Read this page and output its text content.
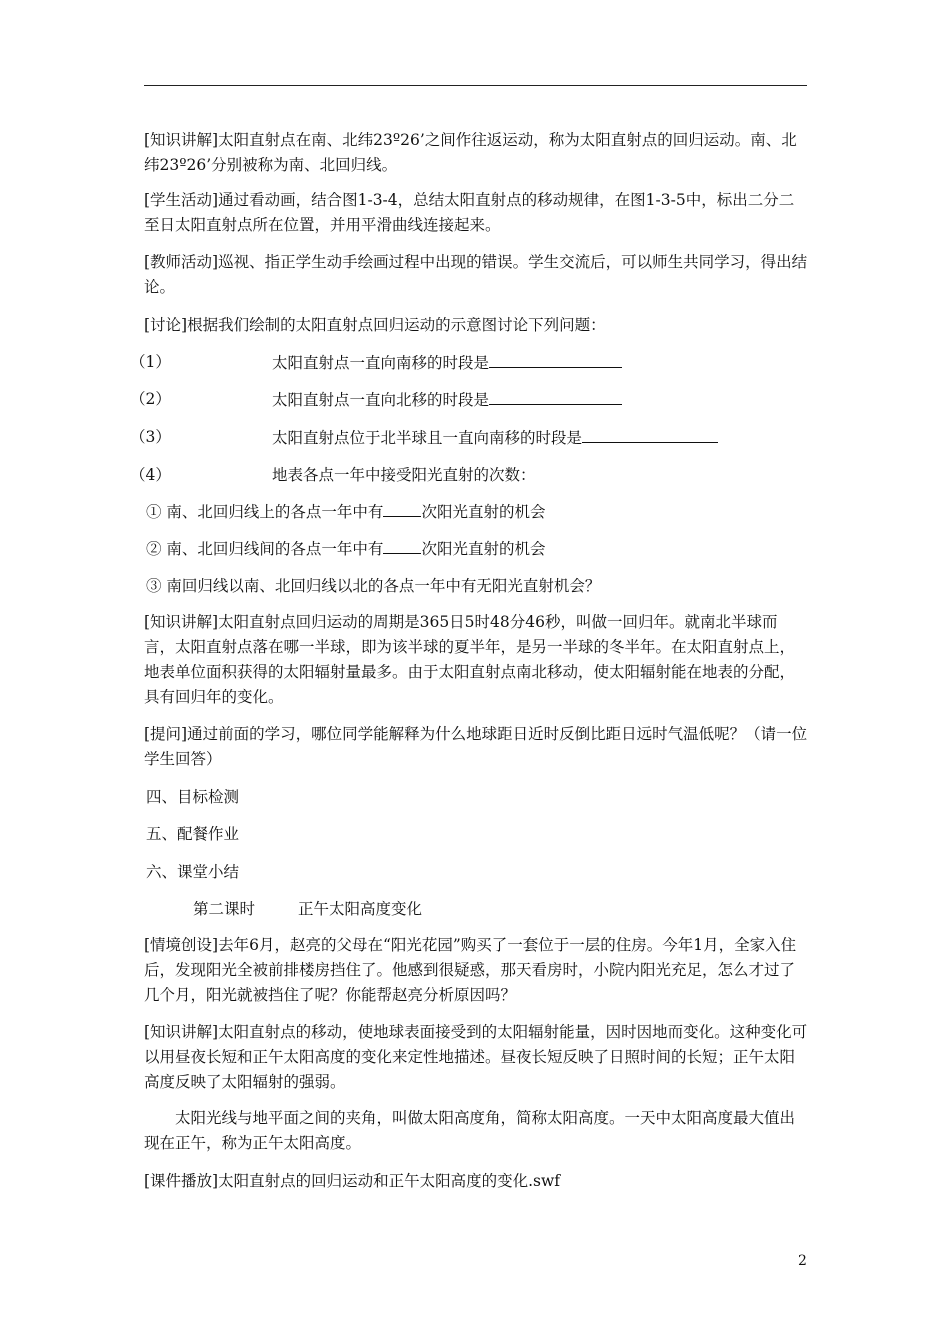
[知识讲解]太阳直射点在南、北纬23º26’之间作往返运动，称为太阳直射点的回归运动。南、北纬23º26’分别被称为南、北回归线。
[学生活动]通过看动画，结合图1-3-4，总结太阳直射点的移动规律，在图1-3-5中，标出二分二至日太阳直射点所在位置，并用平滑曲线连接起来。
[教师活动]巡视、指正学生动手绘画过程中出现的错误。学生交流后，可以师生共同学习，得出结论。
[讨论]根据我们绘制的太阳直射点回归运动的示意图讨论下列问题：
（1）	太阳直射点一直向南移的时段是
（2）	太阳直射点一直向北移的时段是
（3）	太阳直射点位于北半球且一直向南移的时段是
（4）	地表各点一年中接受阳光直射的次数：
① 南、北回归线上的各点一年中有 次阳光直射的机会
② 南、北回归线间的各点一年中有 次阳光直射的机会
③ 南回归线以南、北回归线以北的各点一年中有无阳光直射机会？
[知识讲解]太阳直射点回归运动的周期是365日5时48分46秒，叫做一回归年。就南北半球而言，太阳直射点落在哪一半球，即为该半球的夏半年，是另一半球的冬半年。在太阳直射点上，地表单位面积获得的太阳辐射量最多。由于太阳直射点南北移动，使太阳辐射能在地表的分配，具有回归年的变化。
[提问]通过前面的学习，哪位同学能解释为什么地球距日近时反倒比距日远时气温低呢？（请一位学生回答）
四、目标检测
五、配餐作业
六、课堂小结
第二课时	正午太阳高度变化
[情境创设]去年6月，赵亮的父母在“阳光花园”购买了一套位于一层的住房。今年1月，全家入住后，发现阳光全被前排楼房挡住了。他感到很疑惑，那天看房时，小院内阳光充足，怎么才过了几个月，阳光就被挡住了呢？你能帮赵亮分析原因吗？
[知识讲解]太阳直射点的移动，使地球表面接受到的太阳辐射能量，因时因地而变化。这种变化可以用昼夜长短和正午太阳高度的变化来定性地描述。昼夜长短反映了日照时间的长短；正午太阳高度反映了太阳辐射的强弱。
太阳光线与地平面之间的夹角，叫做太阳高度角，简称太阳高度。一天中太阳高度最大值出现在正午，称为正午太阳高度。
[课件播放]太阳直射点的回归运动和正午太阳高度的变化.swf
2
